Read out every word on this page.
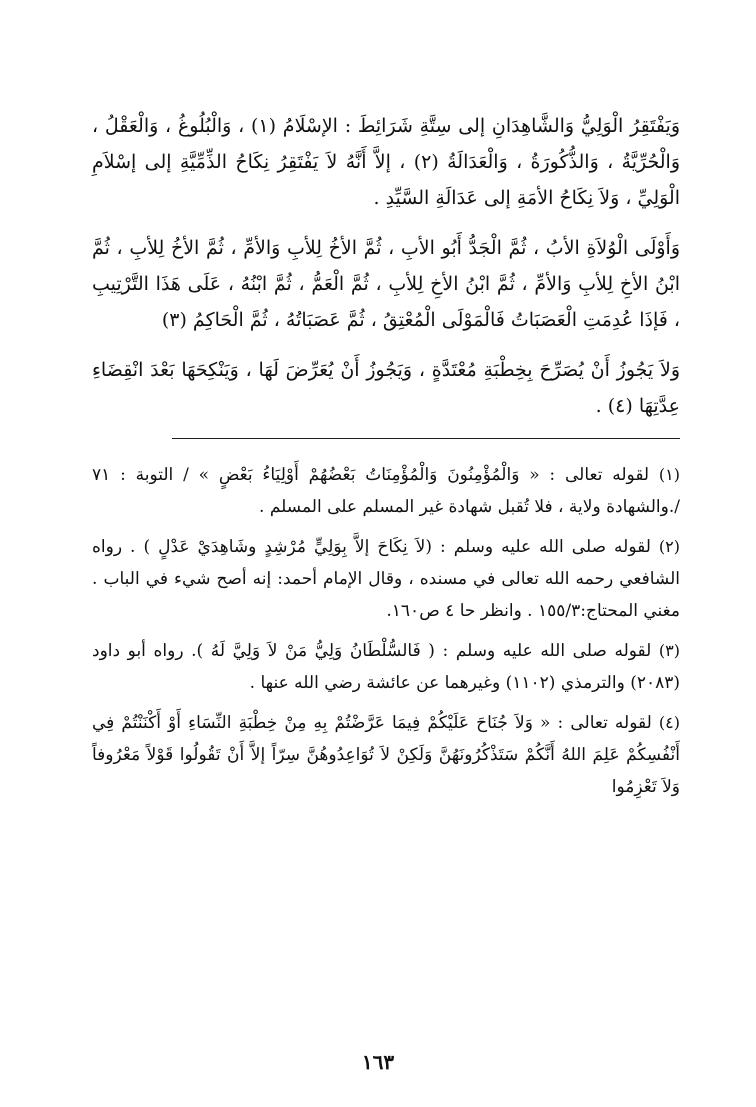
وَيَفْتَقِرُ الْوَلِيُّ وَالشَّاهِدَانِ إلى سِتَّةِ شَرَائِطَ : الإسْلَامُ (١) ، وَالْبُلُوغُ ، وَالْعَقْلُ ، وَالْحُرِّيَّةُ ، وَالذُّكُورَةُ ، وَالْعَدَالَةُ (٢) ، إلاَّ أَنَّهُ لاَ يَفْتَقِرُ نِكَاحُ الذِّمِّيَّةِ إلى إسْلاَمِ الْوَلِيِّ ، وَلاَ نِكَاحُ الأمَةِ إلى عَدَالَةِ السَّيِّدِ .

وَأَوْلَى الْوُلاَةِ الأبُ ، ثُمَّ الْجَدُّ أَبُو الأبِ ، ثُمَّ الأخُ لِلأبِ وَالأمِّ ، ثُمَّ الأخُ لِلأبِ ، ثُمَّ ابْنُ الأخِ لِلأبِ وَالأمِّ ، ثُمَّ ابْنُ الأخِ لِلأبِ ، ثُمَّ الْعَمُّ ، ثُمَّ ابْنُهُ ، عَلَى هَذَا التَّرْتِيبِ ، فَإذَا عُدِمَتِ الْعَصَبَاتُ فَالْمَوْلَى الْمُعْتِقُ ، ثُمَّ عَصَبَاتُهُ ، ثُمَّ الْحَاكِمُ (٣)

وَلاَ يَجُوزُ أَنْ يُصَرِّحَ بِخِطْبَةِ مُعْتَدَّةٍ ، وَيَجُوزُ أَنْ يُعَرِّضَ لَهَا ، وَيَنْكِحَهَا بَعْدَ انْقِضَاءِ عِدَّتِهَا (٤) .

(١) لقوله تعالى : « وَالْمُؤْمِنُونَ وَالْمُؤْمِنَاتُ بَعْضُهُمْ أَوْلِيَاءُ بَعْضٍ » / التوبة : ٧١ /.والشهادة ولاية ، فلا تُقبل شهادة غير المسلم على المسلم .

(٢) لقوله صلى الله عليه وسلم : (لاَ نِكَاحَ إلاَّ بِوَلِيٍّ مُرْشِدٍ وشَاهِدَيْ عَدْلٍ ) . رواه الشافعي رحمه الله تعالى في مسنده ، وقال الإمام أحمد: إنه أصح شيء في الباب . مغني المحتاج:١٥٥/٣ . وانظر حا ٤ ص١٦٠.

(٣) لقوله صلى الله عليه وسلم : ( فَالسُّلْطَانُ وَلِيُّ مَنْ لاَ وَلِيَّ لَهُ ). رواه أبو داود (٢٠٨٣) والترمذي (١١٠٢) وغيرهما عن عائشة رضي الله عنها .

(٤) لقوله تعالى : « وَلاَ جُنَاحَ عَلَيْكُمْ فِيمَا عَرَّضْتُمْ بِهِ مِنْ خِطْبَةِ النِّسَاءِ أَوْ أَكْنَنْتُمْ فِي أَنْفُسِكُمْ عَلِمَ اللهُ أَنَّكُمْ سَتَذْكُرُونَهُنَّ وَلَكِنْ لاَ تُوَاعِدُوهُنَّ سِرّاً إلاَّ أَنْ تَقُولُوا قَوْلاً مَعْرُوفاً وَلاَ تَعْزِمُوا

١٦٣
